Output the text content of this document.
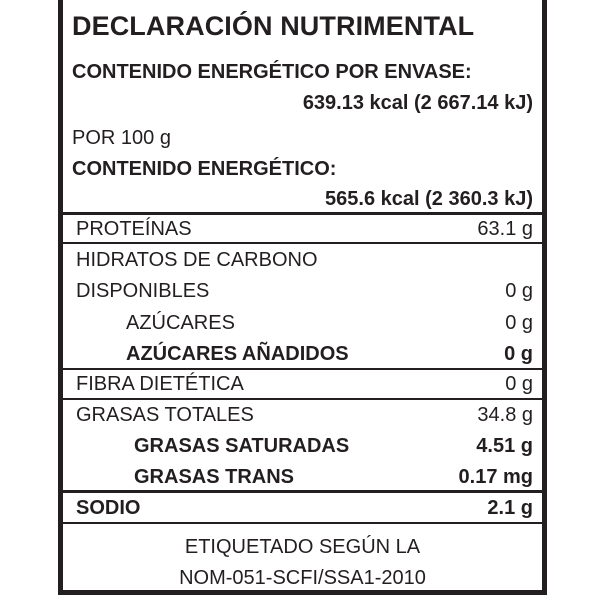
DECLARACIÓN NUTRIMENTAL
CONTENIDO ENERGÉTICO POR ENVASE:
639.13 kcal (2 667.14 kJ)
POR 100 g
CONTENIDO ENERGÉTICO:
565.6 kcal (2 360.3 kJ)
PROTEÍNAS	63.1 g
HIDRATOS DE CARBONO
DISPONIBLES	0 g
AZÚCARES	0 g
AZÚCARES AÑADIDOS	0 g
FIBRA DIETÉTICA	0 g
GRASAS TOTALES	34.8 g
GRASAS SATURADAS	4.51 g
GRASAS TRANS	0.17 mg
SODIO	2.1 g
ETIQUETADO SEGÚN LA
NOM-051-SCFI/SSA1-2010
